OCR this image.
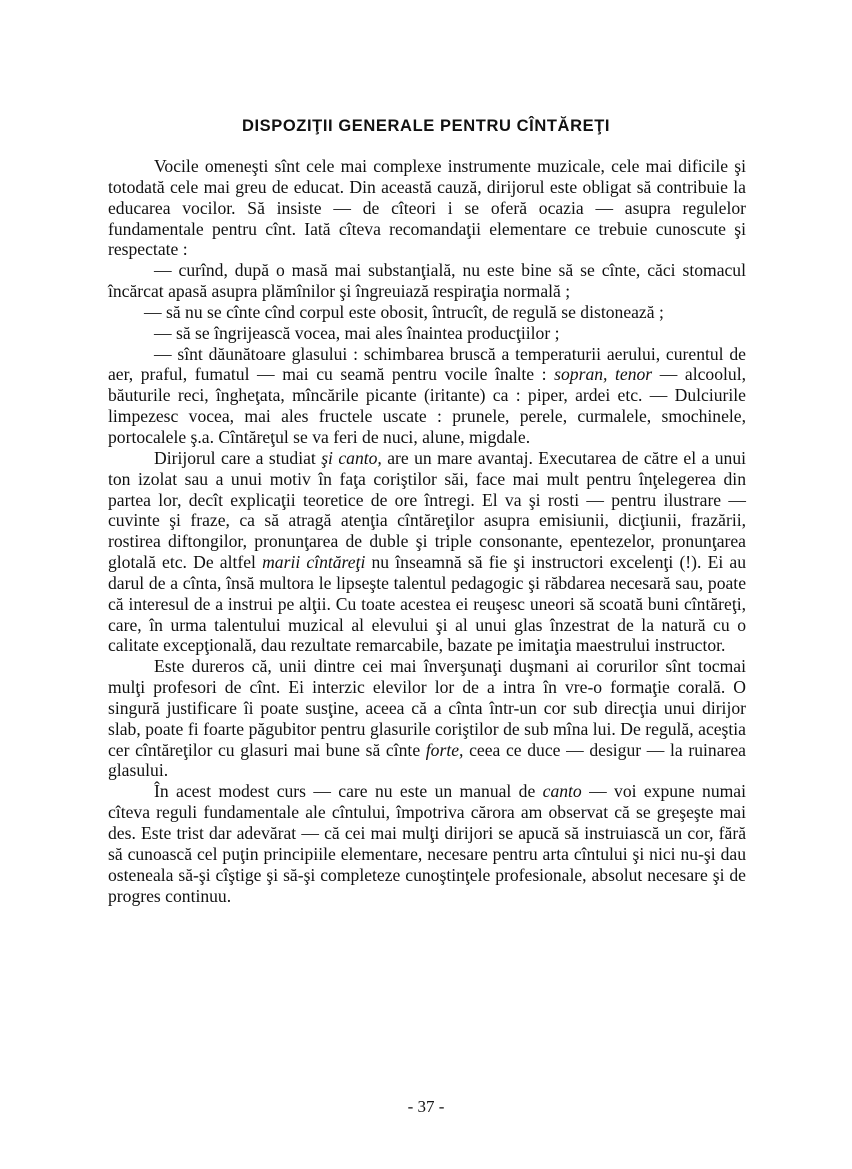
DISPOZIŢII GENERALE PENTRU CÎNTĂREŢI

Vocile omeneşti sînt cele mai complexe instrumente muzicale, cele mai dificile şi totodată cele mai greu de educat. Din această cauză, dirijorul este obligat să contribuie la educarea vocilor. Să insiste — de cîteori i se oferă ocazia — asupra regulelor fundamentale pentru cînt. Iată cîteva recomandaţii elementare ce trebuie cunoscute şi respectate :

— curînd, după o masă mai substanţială, nu este bine să se cînte, căci stomacul încărcat apasă asupra plămînilor şi îngreuiază respiraţia normală ;

— să nu se cînte cînd corpul este obosit, întrucît, de regulă se distonează ;

— să se îngrijească vocea, mai ales înaintea producţiilor ;

— sînt dăunătoare glasului : schimbarea bruscă a temperaturii aerului, curentul de aer, praful, fumatul — mai cu seamă pentru vocile înalte : sopran, tenor — alcoolul, băuturile reci, îngheţata, mîncările picante (iritante) ca : piper, ardei etc. — Dulciurile limpezesc vocea, mai ales fructele uscate : prunele, perele, curmalele, smochinele, portocalele ş.a. Cîntăreţul se va feri de nuci, alune, migdale.

Dirijorul care a studiat şi canto, are un mare avantaj. Executarea de către el a unui ton izolat sau a unui motiv în faţa coriştilor săi, face mai mult pentru înţelegerea din partea lor, decît explicaţii teoretice de ore întregi. El va şi rosti — pentru ilustrare — cuvinte şi fraze, ca să atragă atenţia cîntăreţilor asupra emisiunii, dicţiunii, frazării, rostirea diftongilor, pronunţarea de duble şi triple consonante, epentezelor, pronunţarea glotală etc. De altfel marii cîntăreţi nu înseamnă să fie şi instructori excelenţi (!). Ei au darul de a cînta, însă multora le lipseşte talentul pedagogic şi răbdarea necesară sau, poate că interesul de a instrui pe alţii. Cu toate acestea ei reuşesc uneori să scoată buni cîntăreţi, care, în urma talentului muzical al elevului şi al unui glas înzestrat de la natură cu o calitate excepţională, dau rezultate remarcabile, bazate pe imitaţia maestrului instructor.

Este dureros că, unii dintre cei mai înverşunaţi duşmani ai corurilor sînt tocmai mulţi profesori de cînt. Ei interzic elevilor lor de a intra în vre-o formaţie corală. O singură justificare îi poate susţine, aceea că a cînta într-un cor sub direcţia unui dirijor slab, poate fi foarte păgubitor pentru glasurile coriştilor de sub mîna lui. De regulă, aceştia cer cîntăreţilor cu glasuri mai bune să cînte forte, ceea ce duce — desigur — la ruinarea glasului.

În acest modest curs — care nu este un manual de canto — voi expune numai cîteva reguli fundamentale ale cîntului, împotriva cărora am observat că se greşeşte mai des. Este trist dar adevărat — că cei mai mulţi dirijori se apucă să instruiască un cor, fără să cunoască cel puţin principiile elementare, necesare pentru arta cîntului şi nici nu-şi dau osteneala să-şi cîştige şi să-şi completeze cunoştinţele profesionale, absolut necesare şi de progres continuu.

- 37 -
